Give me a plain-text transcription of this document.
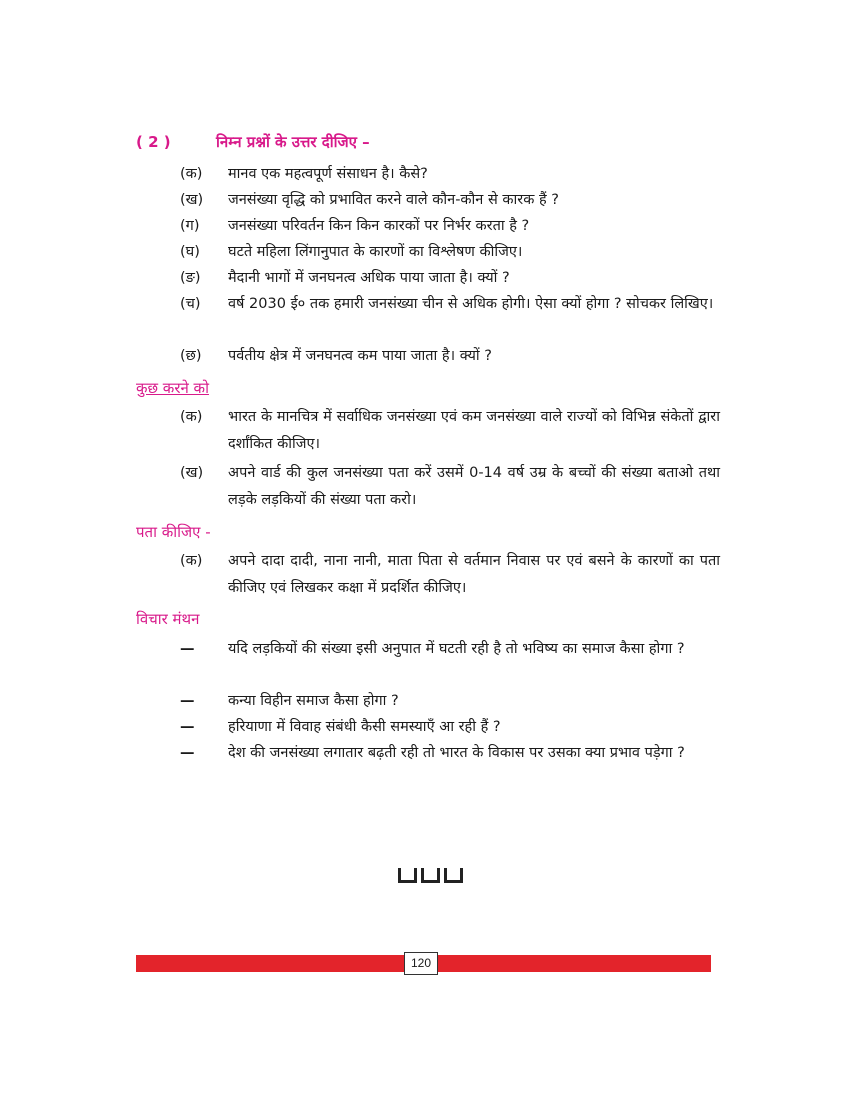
( 2 )	निम्न प्रश्नों के उत्तर दीजिए –
(क)	मानव एक महत्वपूर्ण संसाधन है। कैसे?
(ख)	जनसंख्या वृद्धि को प्रभावित करने वाले कौन-कौन से कारक हैं ?
(ग)	जनसंख्या परिवर्तन किन किन कारकों पर निर्भर करता है ?
(घ)	घटते महिला लिंगानुपात के कारणों का विश्लेषण कीजिए।
(ङ)	मैदानी भागों में जनघनत्व अधिक पाया जाता है। क्यों ?
(च)	वर्ष 2030 ई० तक हमारी जनसंख्या चीन से अधिक होगी। ऐसा क्यों होगा ? सोचकर लिखिए।
(छ)	पर्वतीय क्षेत्र में जनघनत्व कम पाया जाता है। क्यों ?
कुछ करने को
(क)	भारत के मानचित्र में सर्वाधिक जनसंख्या एवं कम जनसंख्या वाले राज्यों को विभिन्न संकेतों द्वारा दर्शांकित कीजिए।
(ख)	अपने वार्ड की कुल जनसंख्या पता करें उसमें 0-14 वर्ष उम्र के बच्चों की संख्या बताओ तथा लड़के लड़कियों की संख्या पता करो।
पता कीजिए -
(क)	अपने दादा दादी, नाना नानी, माता पिता से वर्तमान निवास पर एवं बसने के कारणों का पता कीजिए एवं लिखकर कक्षा में प्रदर्शित कीजिए।
विचार मंथन
—	यदि लड़कियों की संख्या इसी अनुपात में घटती रही है तो भविष्य का समाज कैसा होगा ?
—	कन्या विहीन समाज कैसा होगा ?
—	हरियाणा में विवाह संबंधी कैसी समस्याएँ आ रही हैं ?
—	देश की जनसंख्या लगातार बढ़ती रही तो भारत के विकास पर उसका क्या प्रभाव पड़ेगा ?
120
